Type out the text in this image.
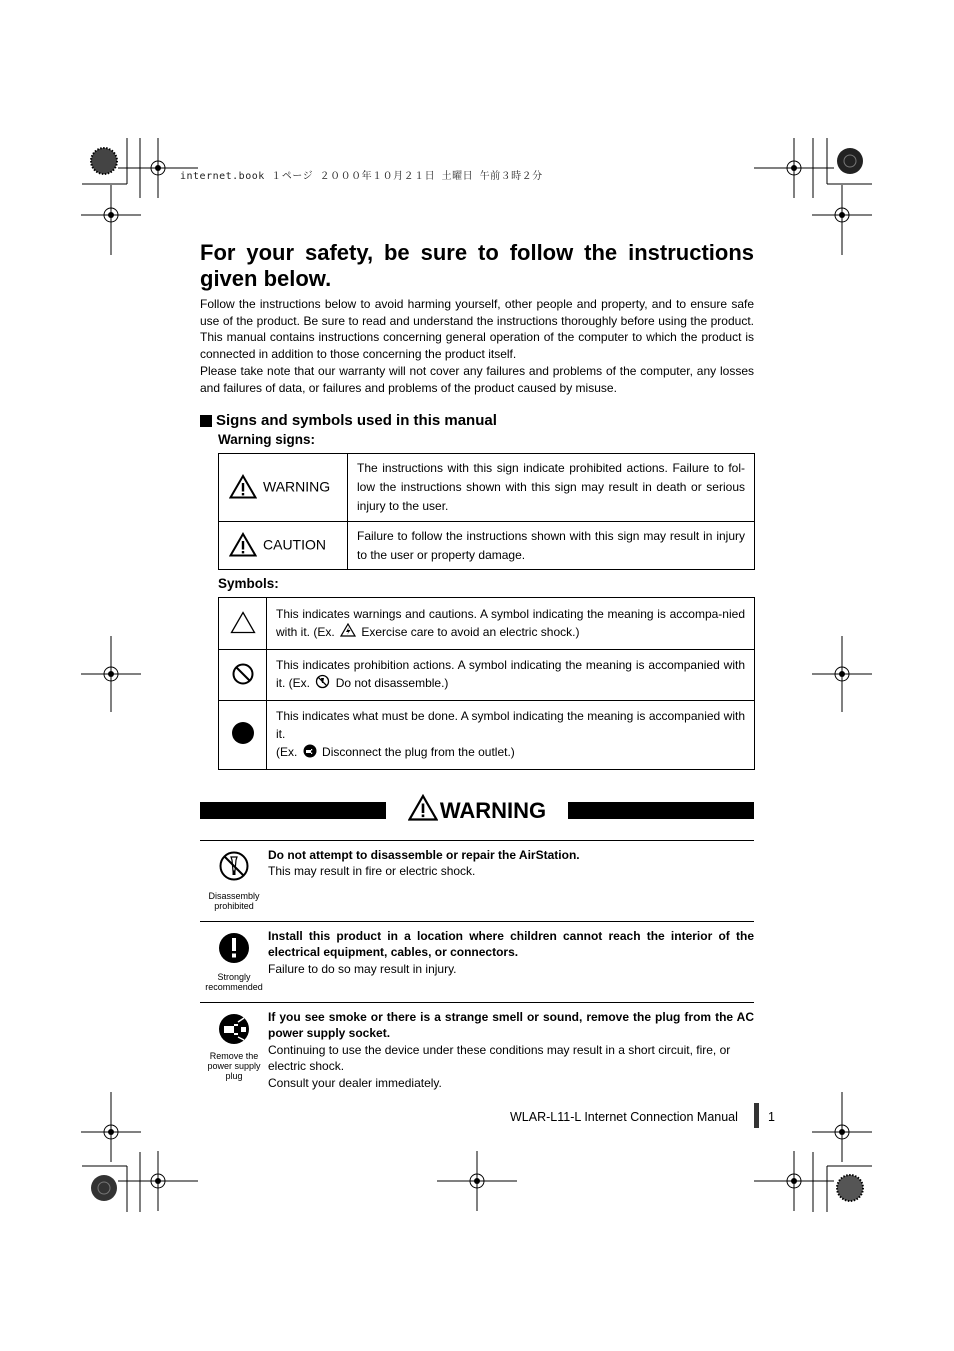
internet.book １ページ ２０００年１０月２１日 土曜日 午前３時２分
For your safety, be sure to follow the instructions given below.

Follow the instructions below to avoid harming yourself, other people and property, and to ensure safe use of the product. Be sure to read and understand the instructions thoroughly before using the product. This manual contains instructions concerning general operation of the computer to which the product is connected in addition to those concerning the product itself.

Please take note that our warranty will not cover any failures and problems of the computer, any losses and failures of data, or failures and problems of the product caused by misuse.

Signs and symbols used in this manual
Warning signs:
WARNING	The instructions with this sign indicate prohibited actions. Failure to fol-low the instructions shown with this sign may result in death or serious injury to the user.
CAUTION	Failure to follow the instructions shown with this sign may result in injury to the user or property damage.
Symbols:
	This indicates warnings and cautions. A symbol indicating the meaning is accompa-nied with it. (Ex. Exercise care to avoid an electric shock.)
	This indicates prohibition actions. A symbol indicating the meaning is accompanied with it. (Ex. Do not disassemble.)
	This indicates what must be done. A symbol indicating the meaning is accompanied with it.
(Ex. Disconnect the plug from the outlet.)
WARNING
Disassembly prohibited
Do not attempt to disassemble or repair the AirStation.
This may result in fire or electric shock.
Strongly recommended
Install this product in a location where children cannot reach the interior of the electrical equipment, cables, or connectors.
Failure to do so may result in injury.
Remove the power supply plug
If you see smoke or there is a strange smell or sound, remove the plug from the AC power supply socket.
Continuing to use the device under these conditions may result in a short circuit, fire, or electric shock.
Consult your dealer immediately.
WLAR-L11-L Internet Connection Manual 1
